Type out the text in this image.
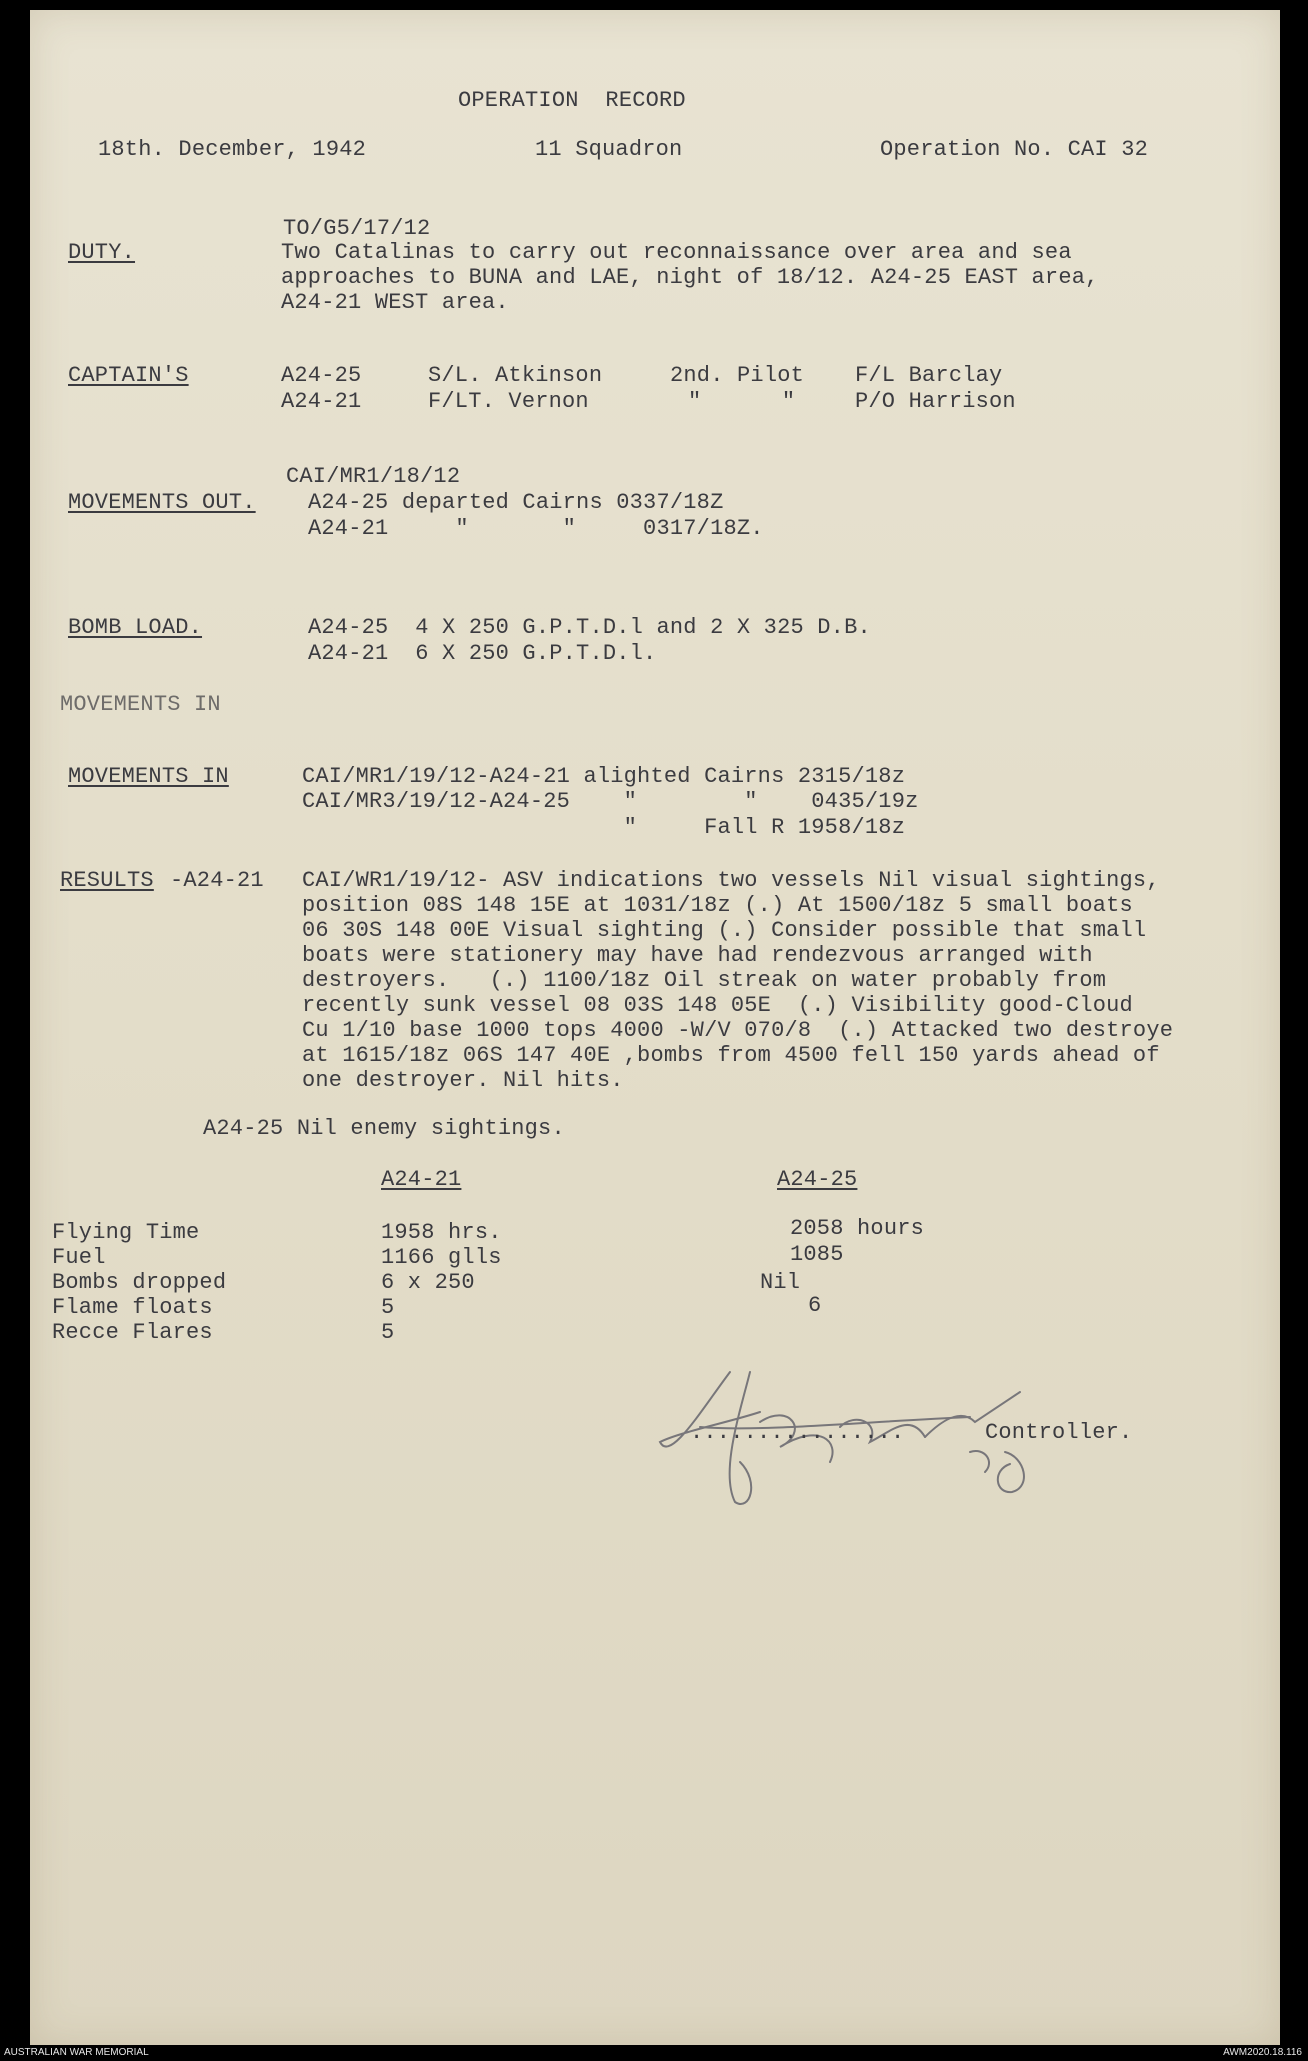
OPERATION  RECORD
18th. December, 1942	11 Squadron	Operation No. CAI 32
TO/G5/17/12
DUTY.	Two Catalinas to carry out reconnaissance over area and sea
approaches to BUNA and LAE, night of 18/12. A24-25 EAST area,
A24-21 WEST area.
CAPTAIN'S	A24-25	S/L. Atkinson	2nd. Pilot F/L Barclay
A24-21	F/LT. Vernon	"      "	P/O Harrison
CAI/MR1/18/12
MOVEMENTS OUT. A24-25 departed Cairns 0337/18Z
A24-21     "       "     0317/18Z.
BOMB LOAD.	A24-25  4 X 250 G.P.T.D.l and 2 X 325 D.B.
A24-21  6 X 250 G.P.T.D.l.
MOVEMENTS IN
MOVEMENTS IN	CAI/MR1/19/12-A24-21 alighted Cairns 2315/18z
CAI/MR3/19/12-A24-25    "        "    0435/19z
"     Fall R 1958/18z
RESULTS -A24-21 CAI/WR1/19/12- ASV indications two vessels Nil visual sightings,
position 08S 148 15E at 1031/18z (.) At 1500/18z 5 small boats
06 30S 148 00E Visual sighting (.) Consider possible that small
boats were stationery may have had rendezvous arranged with
destroyers.   (.) 1100/18z Oil streak on water probably from
recently sunk vessel 08 03S 148 05E  (.) Visibility good-Cloud
Cu 1/10 base 1000 tops 4000 -W/V 070/8  (.) Attacked two destroye
at 1615/18z 06S 147 40E ,bombs from 4500 fell 150 yards ahead of
one destroyer. Nil hits.
A24-25 Nil enemy sightings.
A24-21	A24-25
Flying Time	1958 hrs.	2058 hours
Fuel	1166 glls	1085
Bombs dropped	6 x 250	Nil
Flame floats	5	6
Recce Flares	5
................	Controller.
AUSTRALIAN WAR MEMORIAL	AWM2020.18.116
